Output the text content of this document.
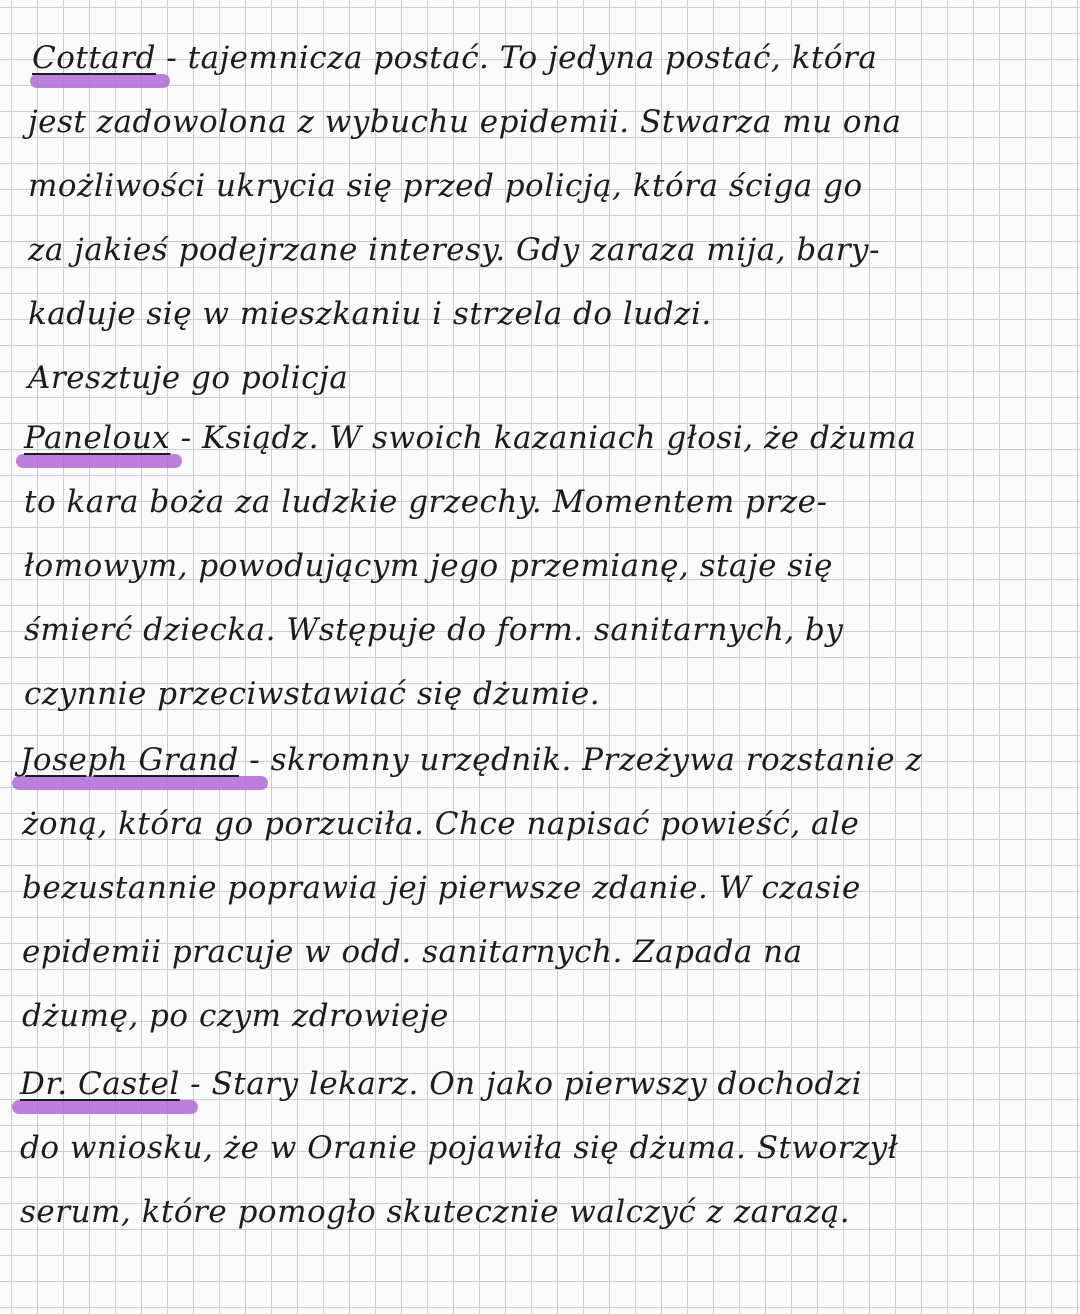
Cottard - tajemnicza postać. To jedyna postać, która
jest zadowolona z wybuchu epidemii. Stwarza mu ona
możliwości ukrycia się przed policją, która ściga go
za jakieś podejrzane interesy. Gdy zaraza mija, bary-
kaduje się w mieszkaniu i strzela do ludzi.
Aresztuje go policja
Paneloux - Ksiądz. W swoich kazaniach głosi, że dżuma
to kara boża za ludzkie grzechy. Momentem prze-
łomowym, powodującym jego przemianę, staje się
śmierć dziecka. Wstępuje do form. sanitarnych, by
czynnie przeciwstawiać się dżumie.
Joseph Grand - skromny urzędnik. Przeżywa rozstanie z
żoną, która go porzuciła. Chce napisać powieść, ale
bezustannie poprawia jej pierwsze zdanie. W czasie
epidemii pracuje w odd. sanitarnych. Zapada na
dżumę, po czym zdrowieje
Dr. Castel - Stary lekarz. On jako pierwszy dochodzi
do wniosku, że w Oranie pojawiła się dżuma. Stworzył
serum, które pomogło skutecznie walczyć z zarazą.
